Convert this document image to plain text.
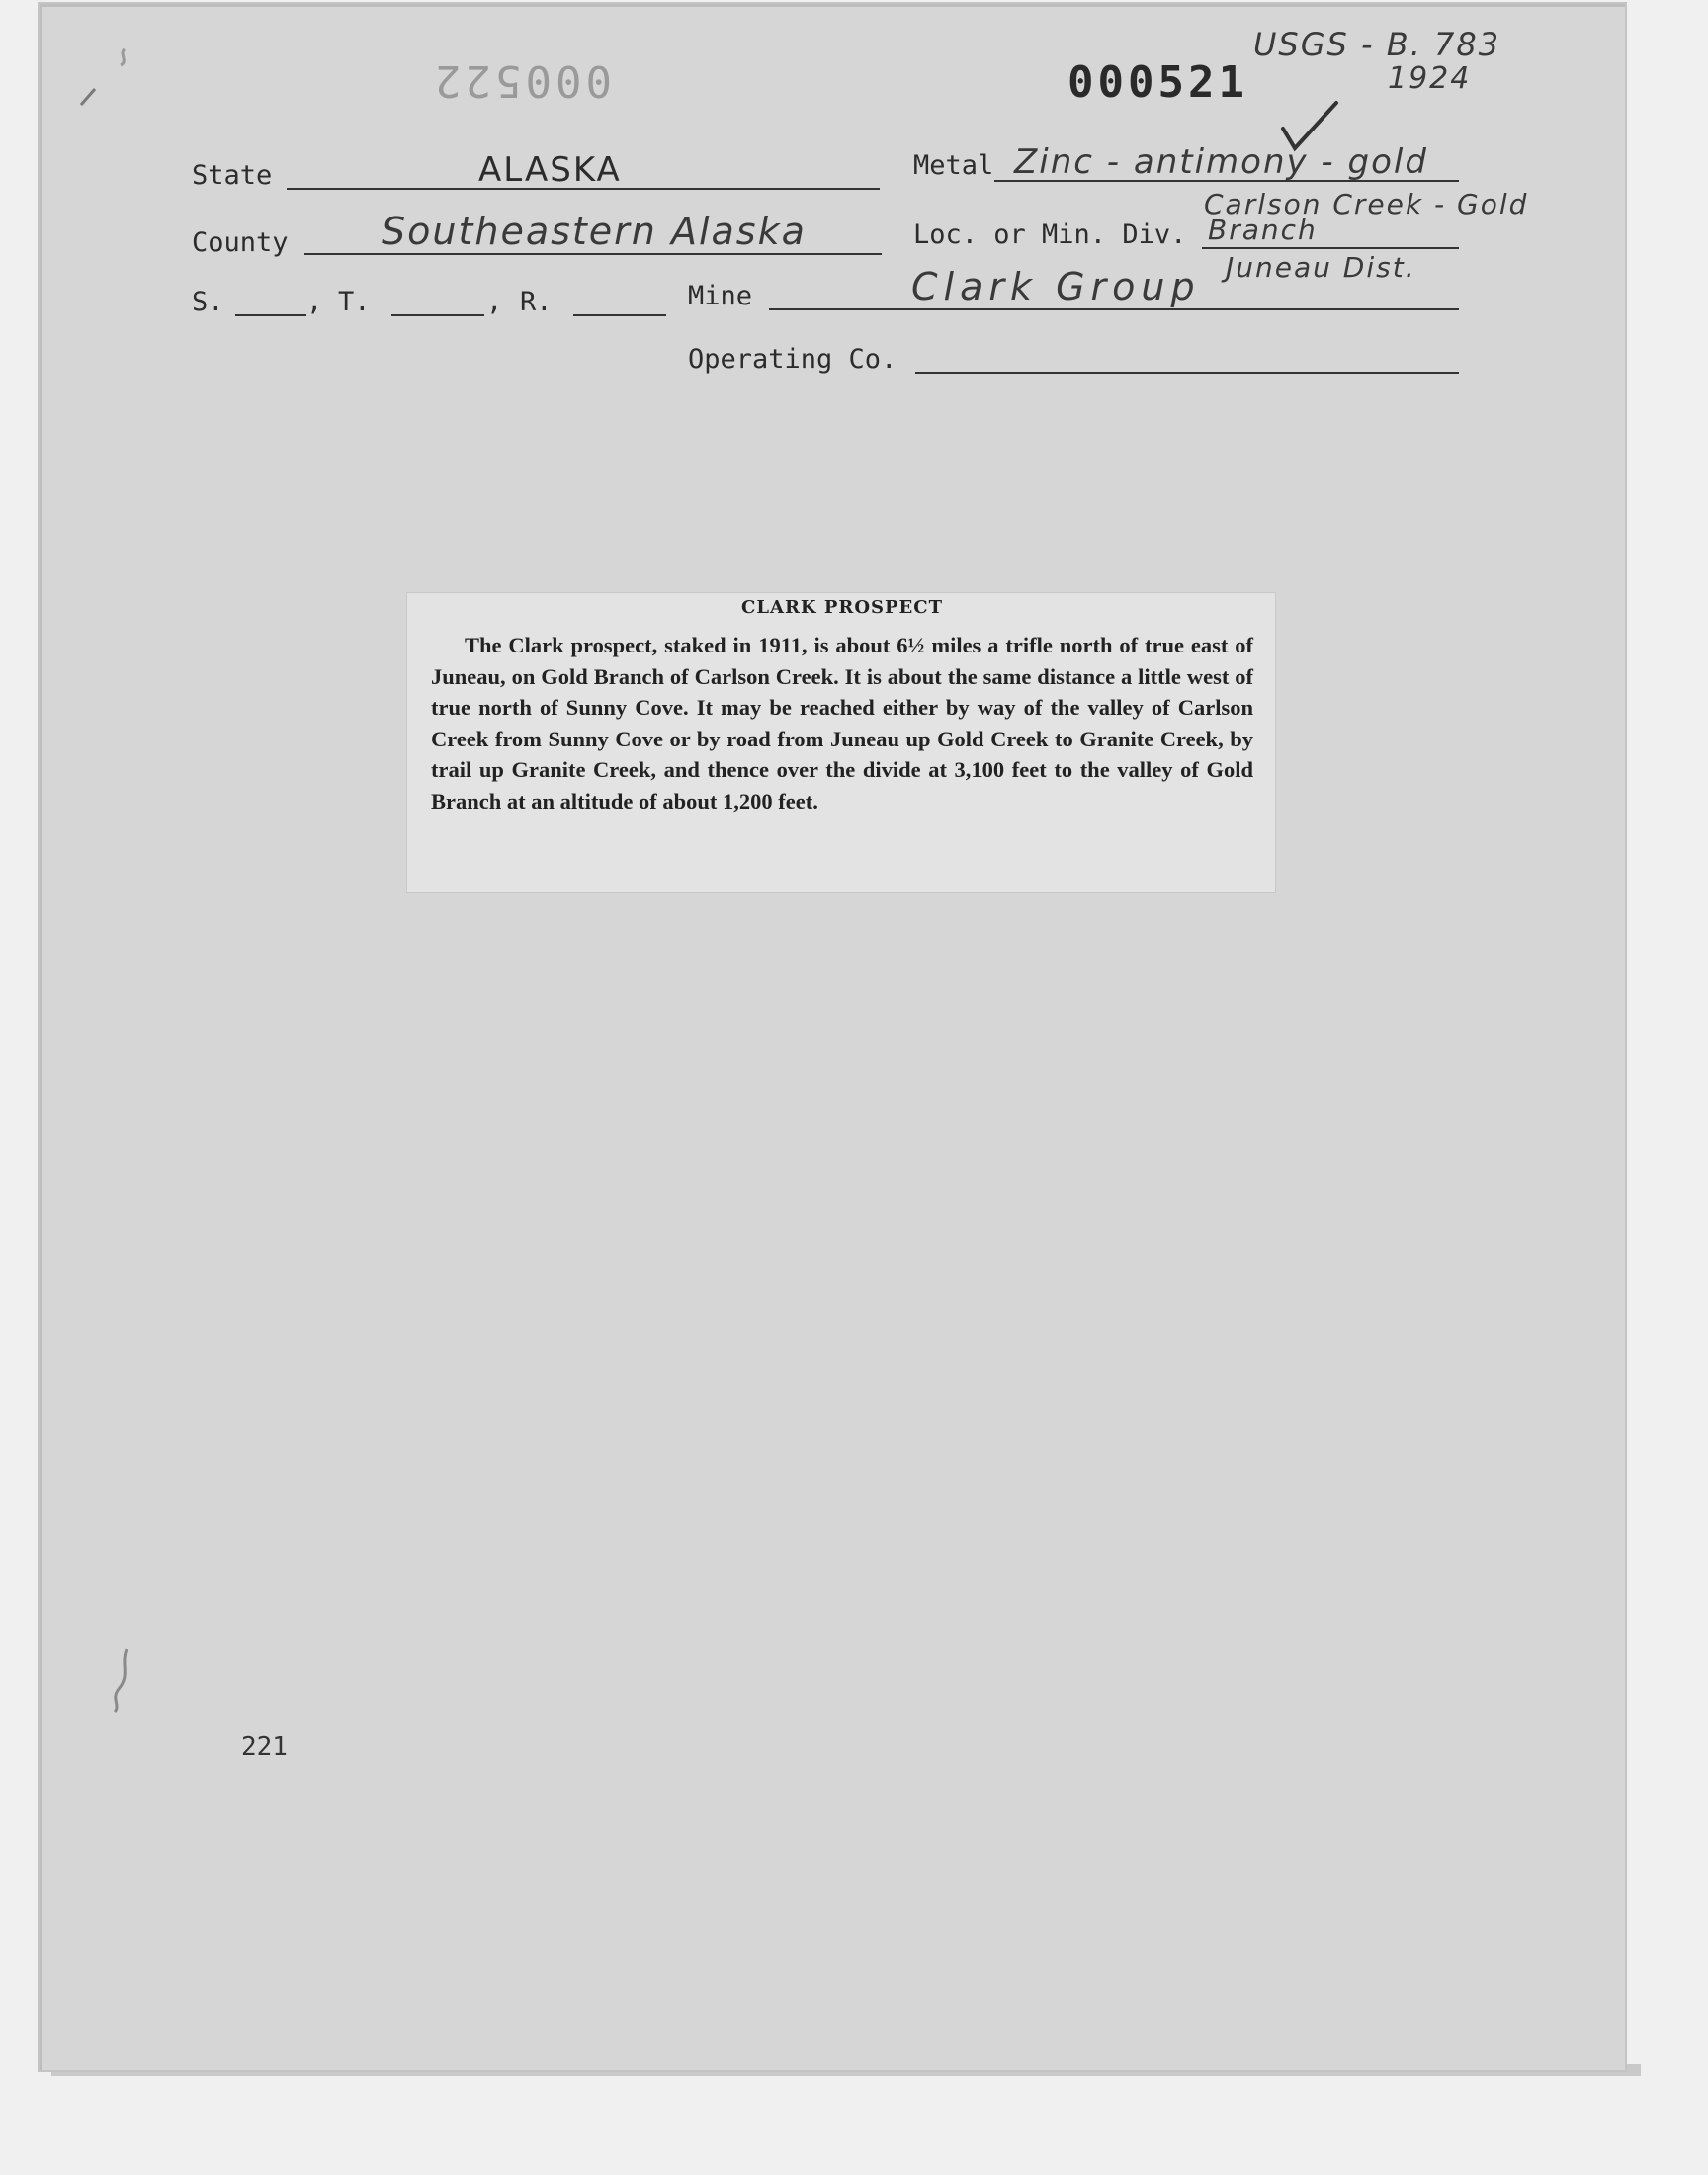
000522	000521
USGS - B. 783
1924
State	ALASKA	Metal Zinc - antimony - gold
County Southeastern Alaska	Loc. or Min. Div.
Carlson Creek - Gold
Branch
Juneau Dist.
S.	, T.	, R.	Mine	Clark Group
Operating Co.
CLARK PROSPECT

The Clark prospect, staked in 1911, is about 6½ miles a trifle north of true east of Juneau, on Gold Branch of Carlson Creek. It is about the same distance a little west of true north of Sunny Cove. It may be reached either by way of the valley of Carlson Creek from Sunny Cove or by road from Juneau up Gold Creek to Granite Creek, by trail up Granite Creek, and thence over the divide at 3,100 feet to the valley of Gold Branch at an altitude of about 1,200 feet.

221
